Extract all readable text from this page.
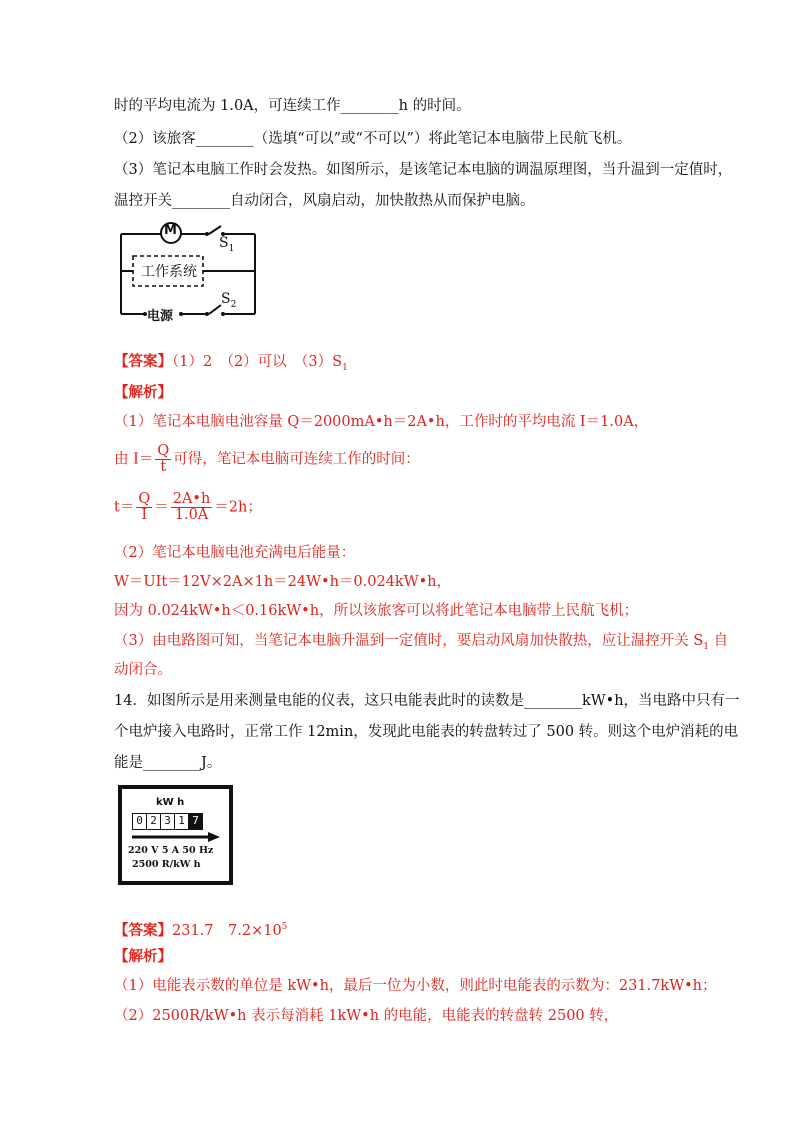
时的平均电流为 1.0A，可连续工作________h 的时间。
（2）该旅客________（选填“可以”或“不可以”）将此笔记本电脑带上民航飞机。
（3）笔记本电脑工作时会发热。如图所示，是该笔记本电脑的调温原理图，当升温到一定值时，
温控开关________自动闭合，风扇启动，加快散热从而保护电脑。
M
$S_1$
工作系统
$S_2$
电源
【答案】（1）2　（2）可以　$(3)S_1$
【解析】
（1）笔记本电脑电池容量 Q＝2000mA•h＝2A•h，工作时的平均电流 I＝1.0A，
由 $I= \frac{Q}{t}$ 可得，笔记本电脑可连续工作的时间：
$t= \frac{Q}{I} = \frac{2A•h}{1.0A} =2h$；
（2）笔记本电脑电池充满电后能量：
W＝UIt＝12V×2A×1h＝24W•h＝0.024kW•h，
因为 0.024kW•h＜0.16kW•h，所以该旅客可以将此笔记本电脑带上民航飞机；
（3）由电路图可知，当笔记本电脑升温到一定值时，要启动风扇加快散热，应让温控开关 $S_1$ 自
动闭合。
14．如图所示是用来测量电能的仪表，这只电能表此时的读数是________kW•h，当电路中只有一
个电炉接入电路时，正常工作 12min，发现此电能表的转盘转过了 500 转。则这个电炉消耗的电
能是________J。
kW h
0 2 3 1 7
220 V 5 A 50 Hz
2500 R/kW h
【答案】231.7　$7.2\times 10^5$
【解析】
（1）电能表示数的单位是 kW•h，最后一位为小数，则此时电能表的示数为：231.7kW•h；
（2）2500R/kW•h 表示每消耗 1kW•h 的电能，电能表的转盘转 2500 转，
